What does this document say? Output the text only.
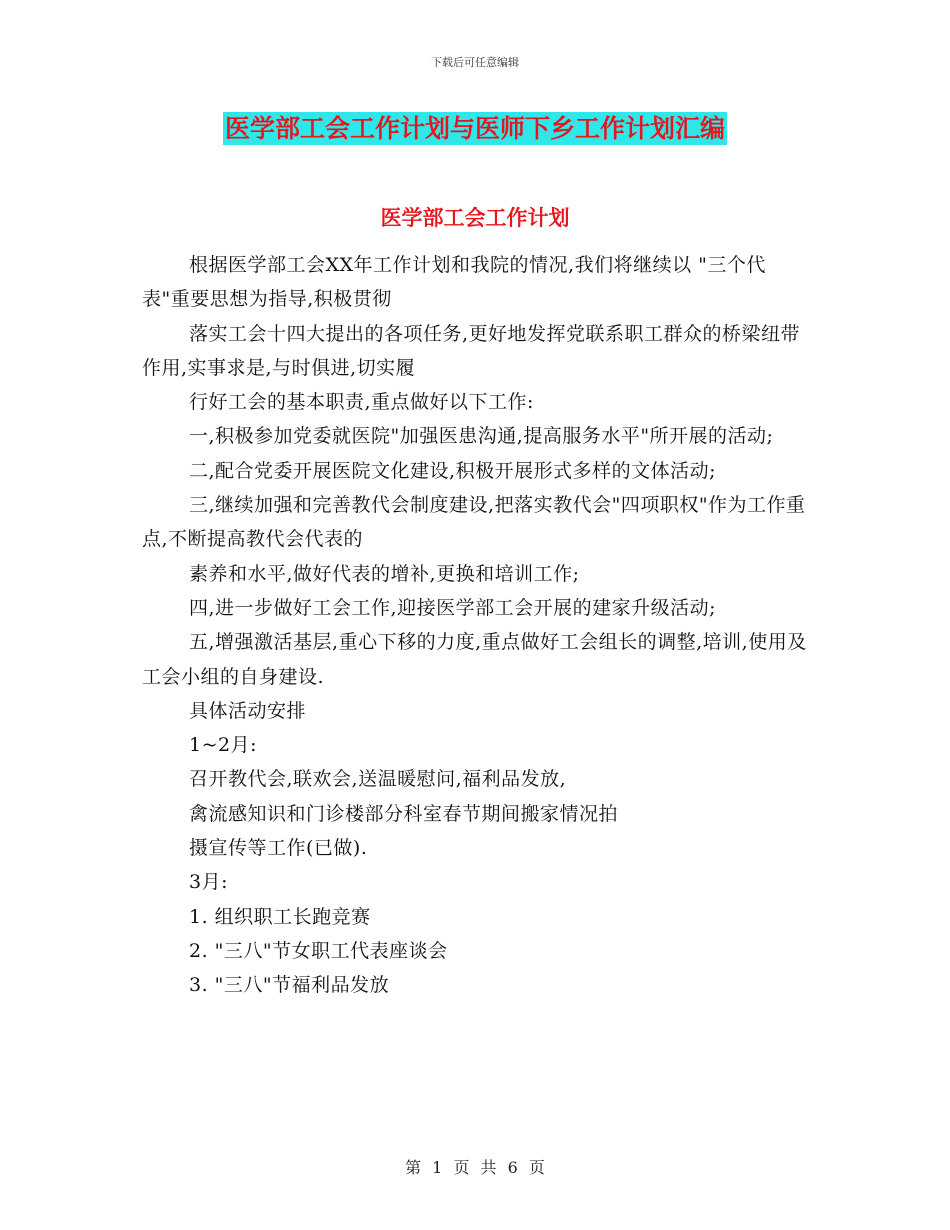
下载后可任意编辑
医学部工会工作计划与医师下乡工作计划汇编
医学部工会工作计划

根据医学部工会XX年工作计划和我院的情况,我们将继续以 "三个代表"重要思想为指导,积极贯彻

落实工会十四大提出的各项任务,更好地发挥党联系职工群众的桥梁纽带作用,实事求是,与时俱进,切实履

行好工会的基本职责,重点做好以下工作:

一,积极参加党委就医院"加强医患沟通,提高服务水平"所开展的活动;

二,配合党委开展医院文化建设,积极开展形式多样的文体活动;

三,继续加强和完善教代会制度建设,把落实教代会"四项职权"作为工作重点,不断提高教代会代表的

素养和水平,做好代表的增补,更换和培训工作;

四,进一步做好工会工作,迎接医学部工会开展的建家升级活动;

五,增强激活基层,重心下移的力度,重点做好工会组长的调整,培训,使用及工会小组的自身建设.

具体活动安排

1~2月:

召开教代会,联欢会,送温暖慰问,福利品发放,

禽流感知识和门诊楼部分科室春节期间搬家情况拍

摄宣传等工作(已做).

3月:

1. 组织职工长跑竞赛

2. "三八"节女职工代表座谈会

3. "三八"节福利品发放

第 1 页 共 6 页
